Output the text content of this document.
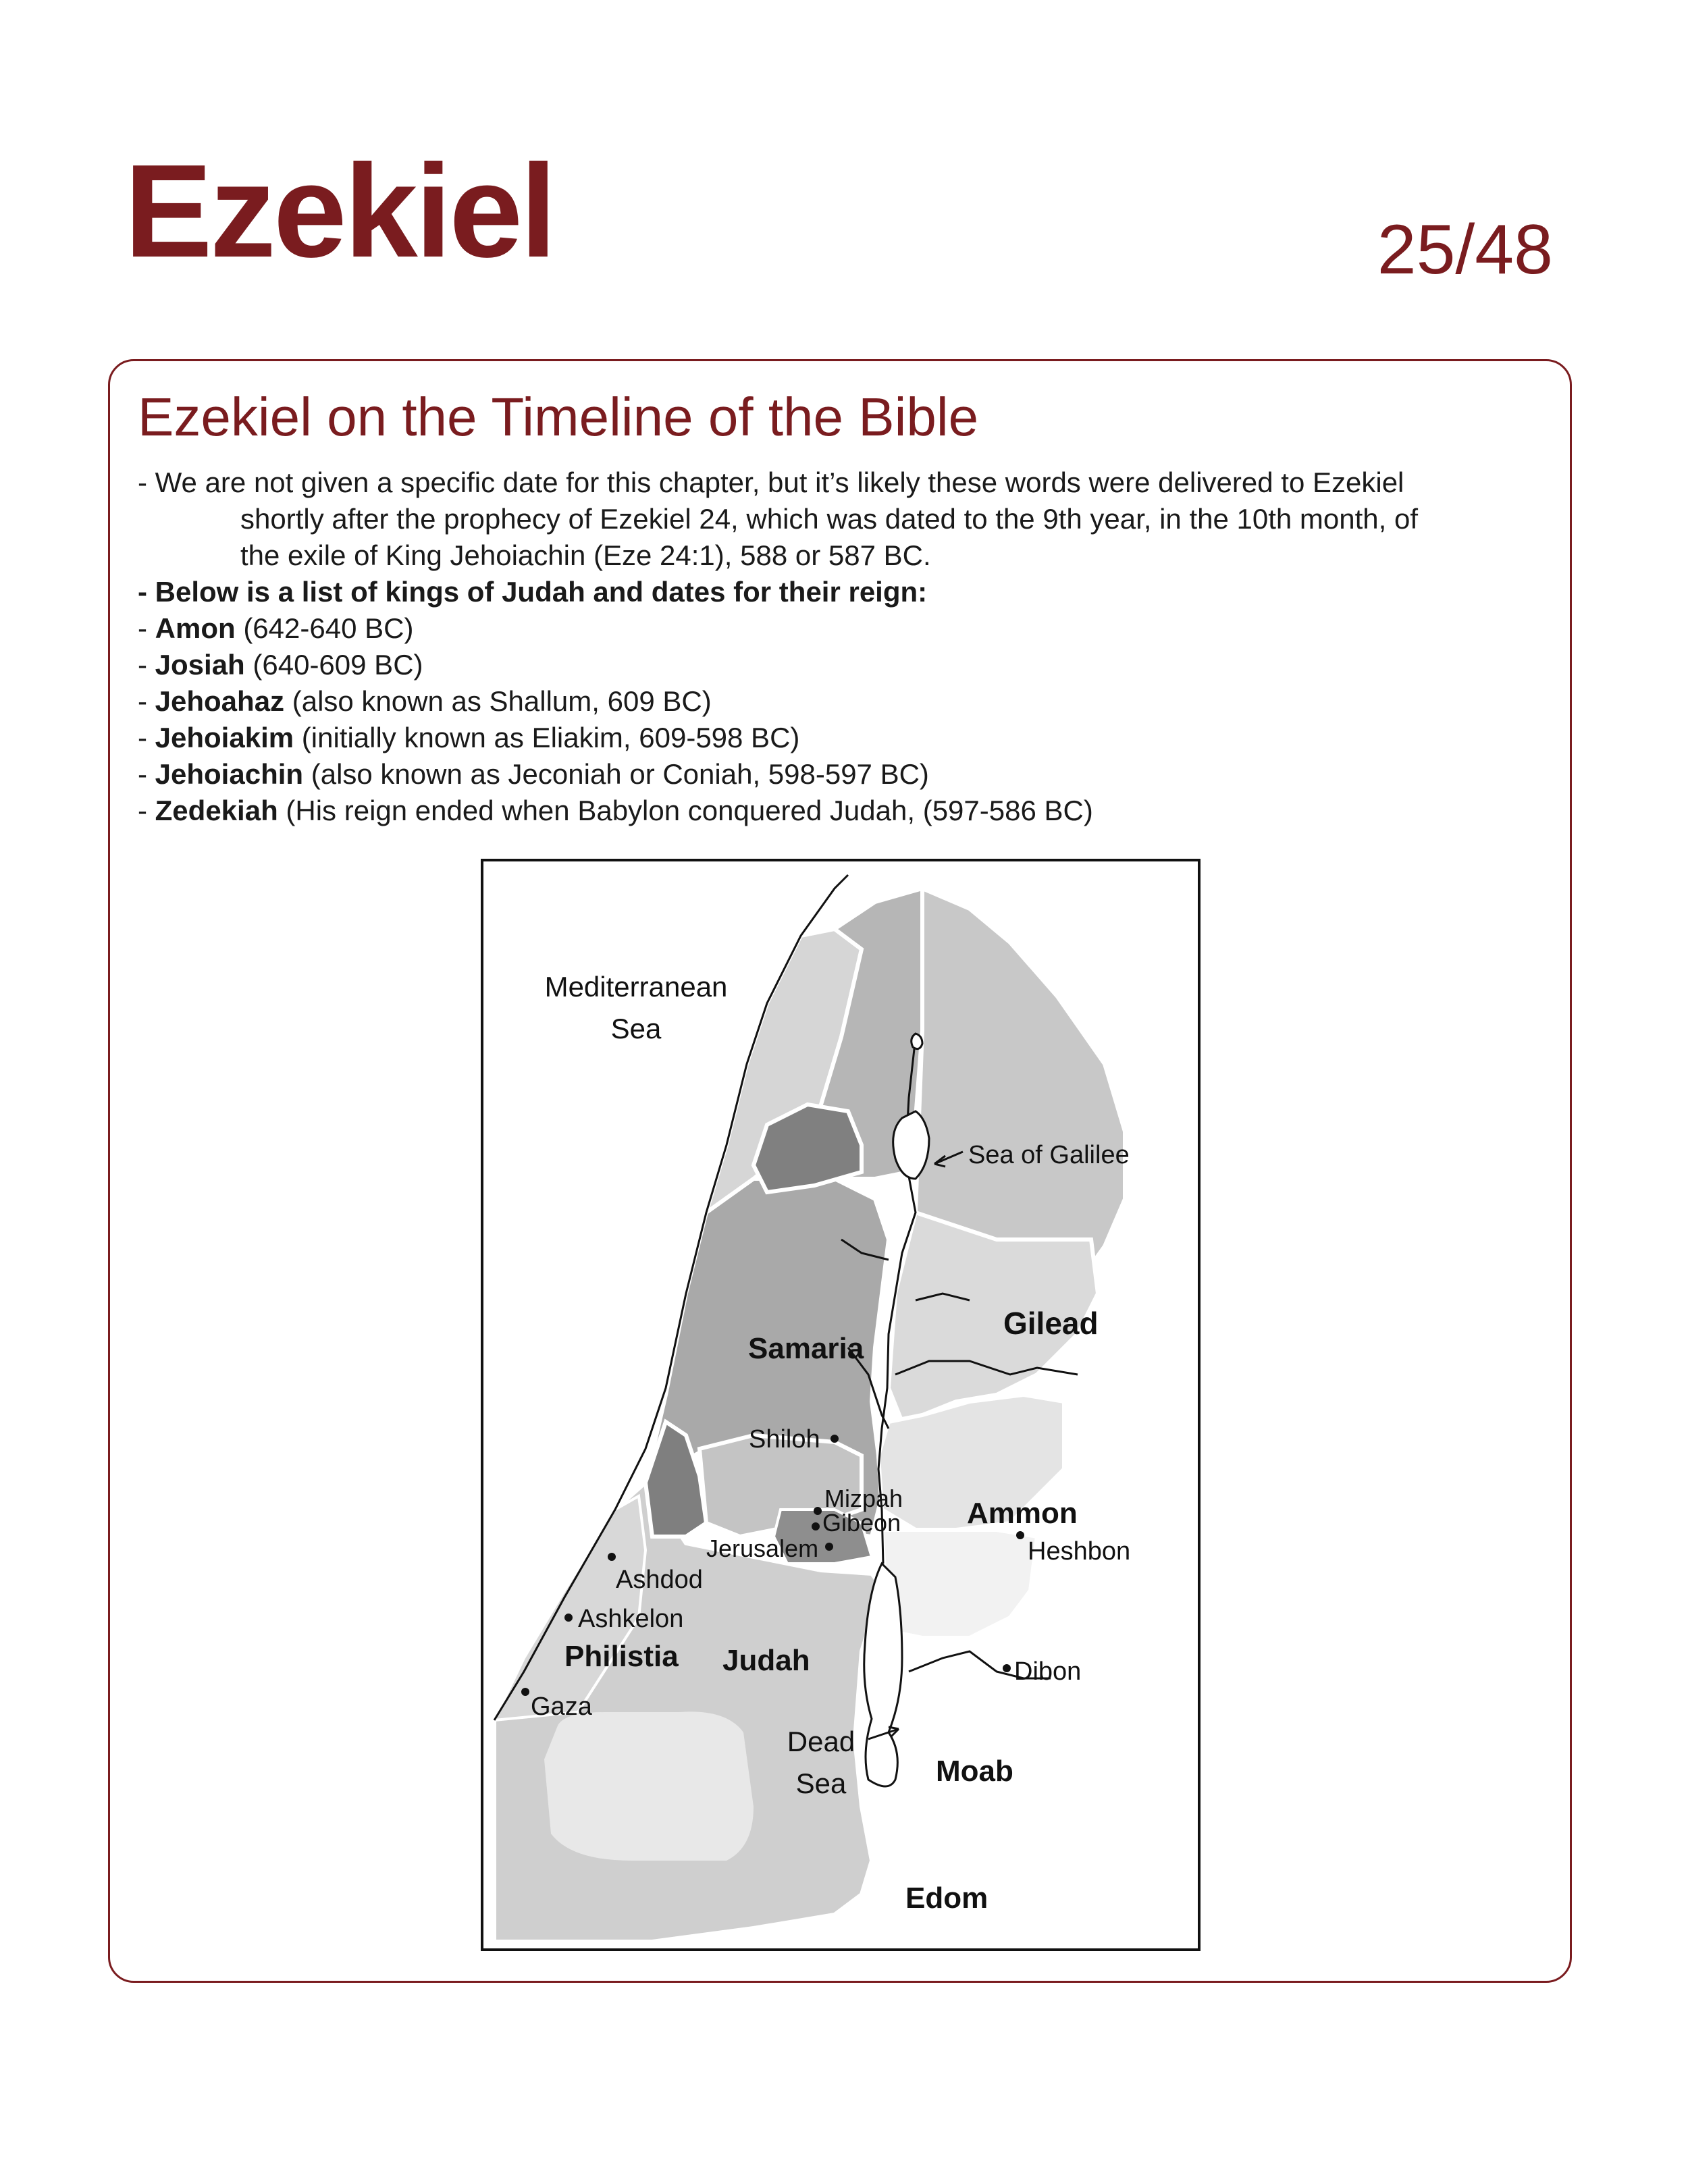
Ezekiel	25/48
Ezekiel on the Timeline of the Bible

- We are not given a specific date for this chapter, but it’s likely these words were delivered to Ezekiel

shortly after the prophecy of Ezekiel 24, which was dated to the 9th year, in the 10th month, of

the exile of King Jehoiachin (Eze 24:1), 588 or 587 BC.

- Below is a list of kings of Judah and dates for their reign:

- Amon (642-640 BC)

- Josiah (640-609 BC)

- Jehoahaz (also known as Shallum, 609 BC)

- Jehoiakim (initially known as Eliakim, 609-598 BC)

- Jehoiachin (also known as Jeconiah or Coniah, 598-597 BC)

- Zedekiah (His reign ended when Babylon conquered Judah, (597-586 BC)

Mediterranean
Sea
Sea of Galilee
Gilead
Samaria
Shiloh
Mizpah
Gibeon
Jerusalem
Ammon
Heshbon
Ashdod
Ashkelon
Philistia Judah
Gaza
Dibon
Dead
Sea	Moab
Edom
